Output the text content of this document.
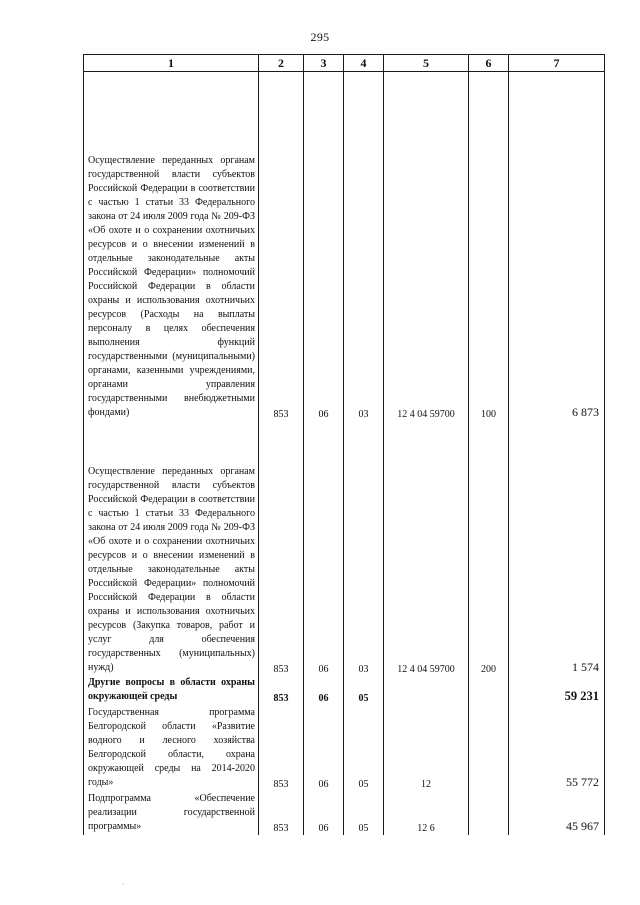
295
1	2	3	4	5	6	7
Осуществление переданных органам государственной власти субъектов Российской Федерации в соответствии с частью 1 статьи 33 Федерального закона от 24 июля 2009 года № 209-ФЗ «Об охоте и о сохранении охотничьих ресурсов и о внесении изменений в отдельные законодательные акты Российской Федерации» полномочий Российской Федерации в области охраны и использования охотничьих ресурсов (Расходы на выплаты персоналу в целях обеспечения выполнения функций государственными (муниципальными) органами, казенными учреждениями, органами управления государственными внебюджетными фондами)	853	06	03	12 4 04 59700	100	6 873
Осуществление переданных органам государственной власти субъектов Российской Федерации в соответствии с частью 1 статьи 33 Федерального закона от 24 июля 2009 года № 209-ФЗ «Об охоте и о сохранении охотничьих ресурсов и о внесении изменений в отдельные законодательные акты Российской Федерации» полномочий Российской Федерации в области охраны и использования охотничьих ресурсов (Закупка товаров, работ и услуг для обеспечения государственных (муниципальных) нужд)	853	06	03	12 4 04 59700	200	1 574
Другие вопросы в области охраны окружающей среды	853	06	05			59 231
Государственная программа Белгородской области «Развитие водного и лесного хозяйства Белгородской области, охрана окружающей среды на 2014-2020 годы»	853	06	05	12		55 772
Подпрограмма «Обеспечение реализации государственной программы»	853	06	05	12 6		45 967
·
